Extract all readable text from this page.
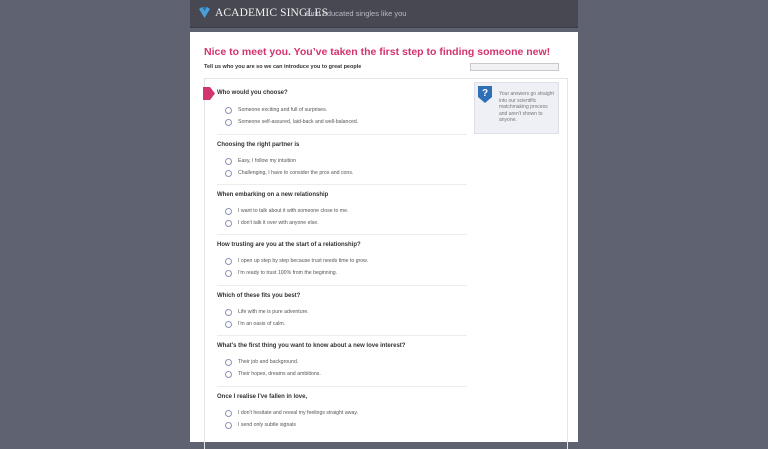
ACADEMIC SINGLES
Find educated singles like you
Nice to meet you. You’ve taken the first step to finding someone new!
Tell us who you are so we can introduce you to great people
? Your answers go straight into our scientific matchmaking process and aren't shown to anyone.
Who would you choose?
Someone exciting and full of surprises.
Someone self-assured, laid-back and well-balanced.
Choosing the right partner is
Easy, I follow my intuition
Challenging, I have to consider the pros and cons.
When embarking on a new relationship
I want to talk about it with someone close to me.
I don't talk it over with anyone else.
How trusting are you at the start of a relationship?
I open up step by step because trust needs time to grow.
I'm ready to trust 100% from the beginning.
Which of these fits you best?
Life with me is pure adventure.
I'm an oasis of calm.
What's the first thing you want to know about a new love interest?
Their job and background.
Their hopes, dreams and ambitions.
Once I realise I've fallen in love,
I don't hesitate and reveal my feelings straight away.
I send only subtle signals
